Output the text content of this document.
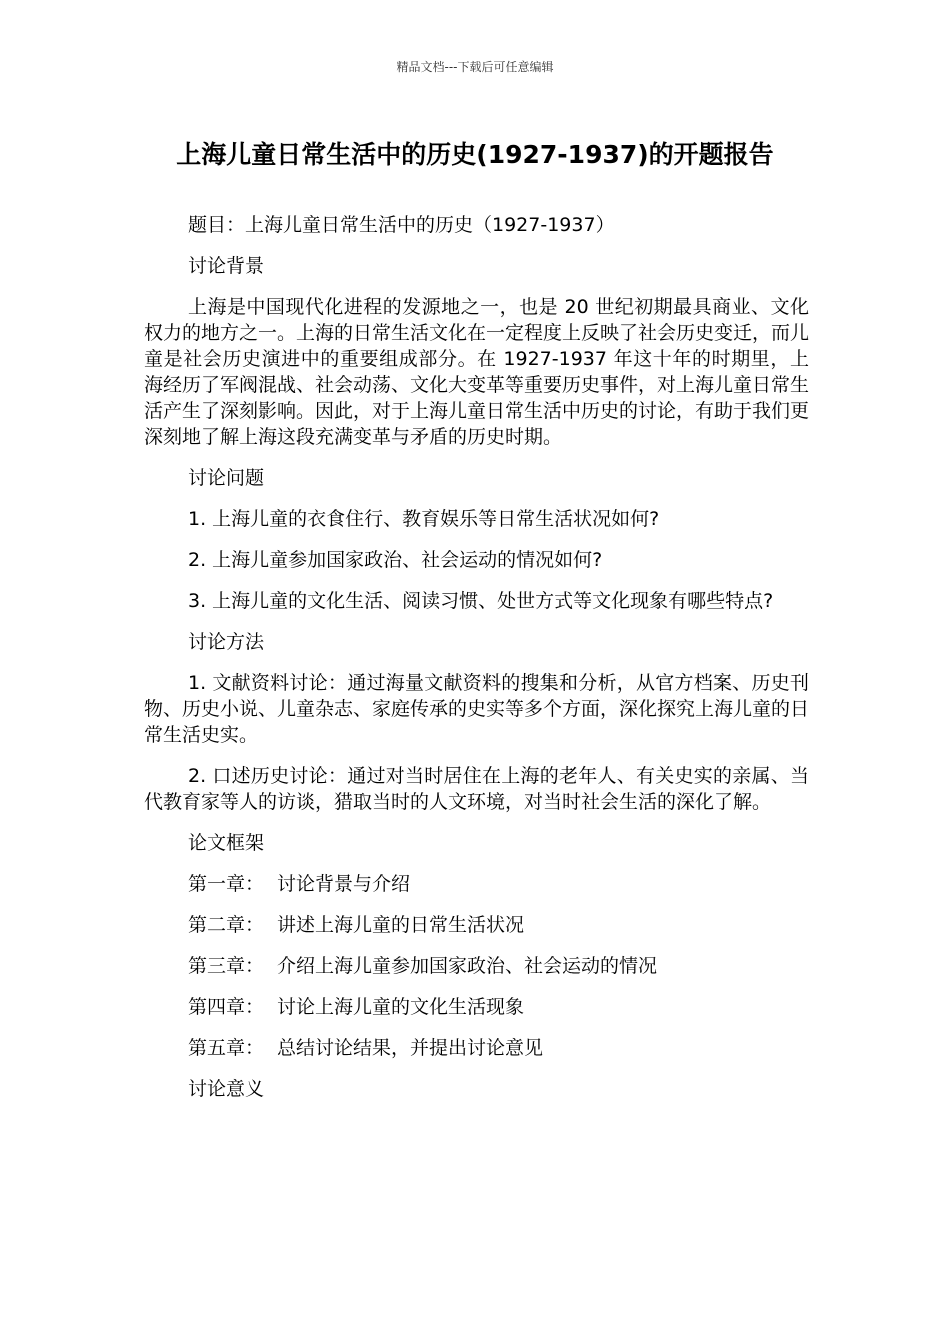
精品文档---下载后可任意编辑
上海儿童日常生活中的历史(1927-1937)的开题报告

题目：上海儿童日常生活中的历史（1927-1937）

讨论背景

上海是中国现代化进程的发源地之一，也是 20 世纪初期最具商业、文化权力的地方之一。上海的日常生活文化在一定程度上反映了社会历史变迁，而儿童是社会历史演进中的重要组成部分。在 1927-1937 年这十年的时期里，上海经历了军阀混战、社会动荡、文化大变革等重要历史事件，对上海儿童日常生活产生了深刻影响。因此，对于上海儿童日常生活中历史的讨论，有助于我们更深刻地了解上海这段充满变革与矛盾的历史时期。

讨论问题

1. 上海儿童的衣食住行、教育娱乐等日常生活状况如何?

2. 上海儿童参加国家政治、社会运动的情况如何?

3. 上海儿童的文化生活、阅读习惯、处世方式等文化现象有哪些特点?

讨论方法

1. 文献资料讨论：通过海量文献资料的搜集和分析，从官方档案、历史刊物、历史小说、儿童杂志、家庭传承的史实等多个方面，深化探究上海儿童的日常生活史实。

2. 口述历史讨论：通过对当时居住在上海的老年人、有关史实的亲属、当代教育家等人的访谈，猎取当时的人文环境，对当时社会生活的深化了解。

论文框架

第一章： 讨论背景与介绍
第二章： 讲述上海儿童的日常生活状况
第三章： 介绍上海儿童参加国家政治、社会运动的情况
第四章： 讨论上海儿童的文化生活现象
第五章： 总结讨论结果，并提出讨论意见

讨论意义
